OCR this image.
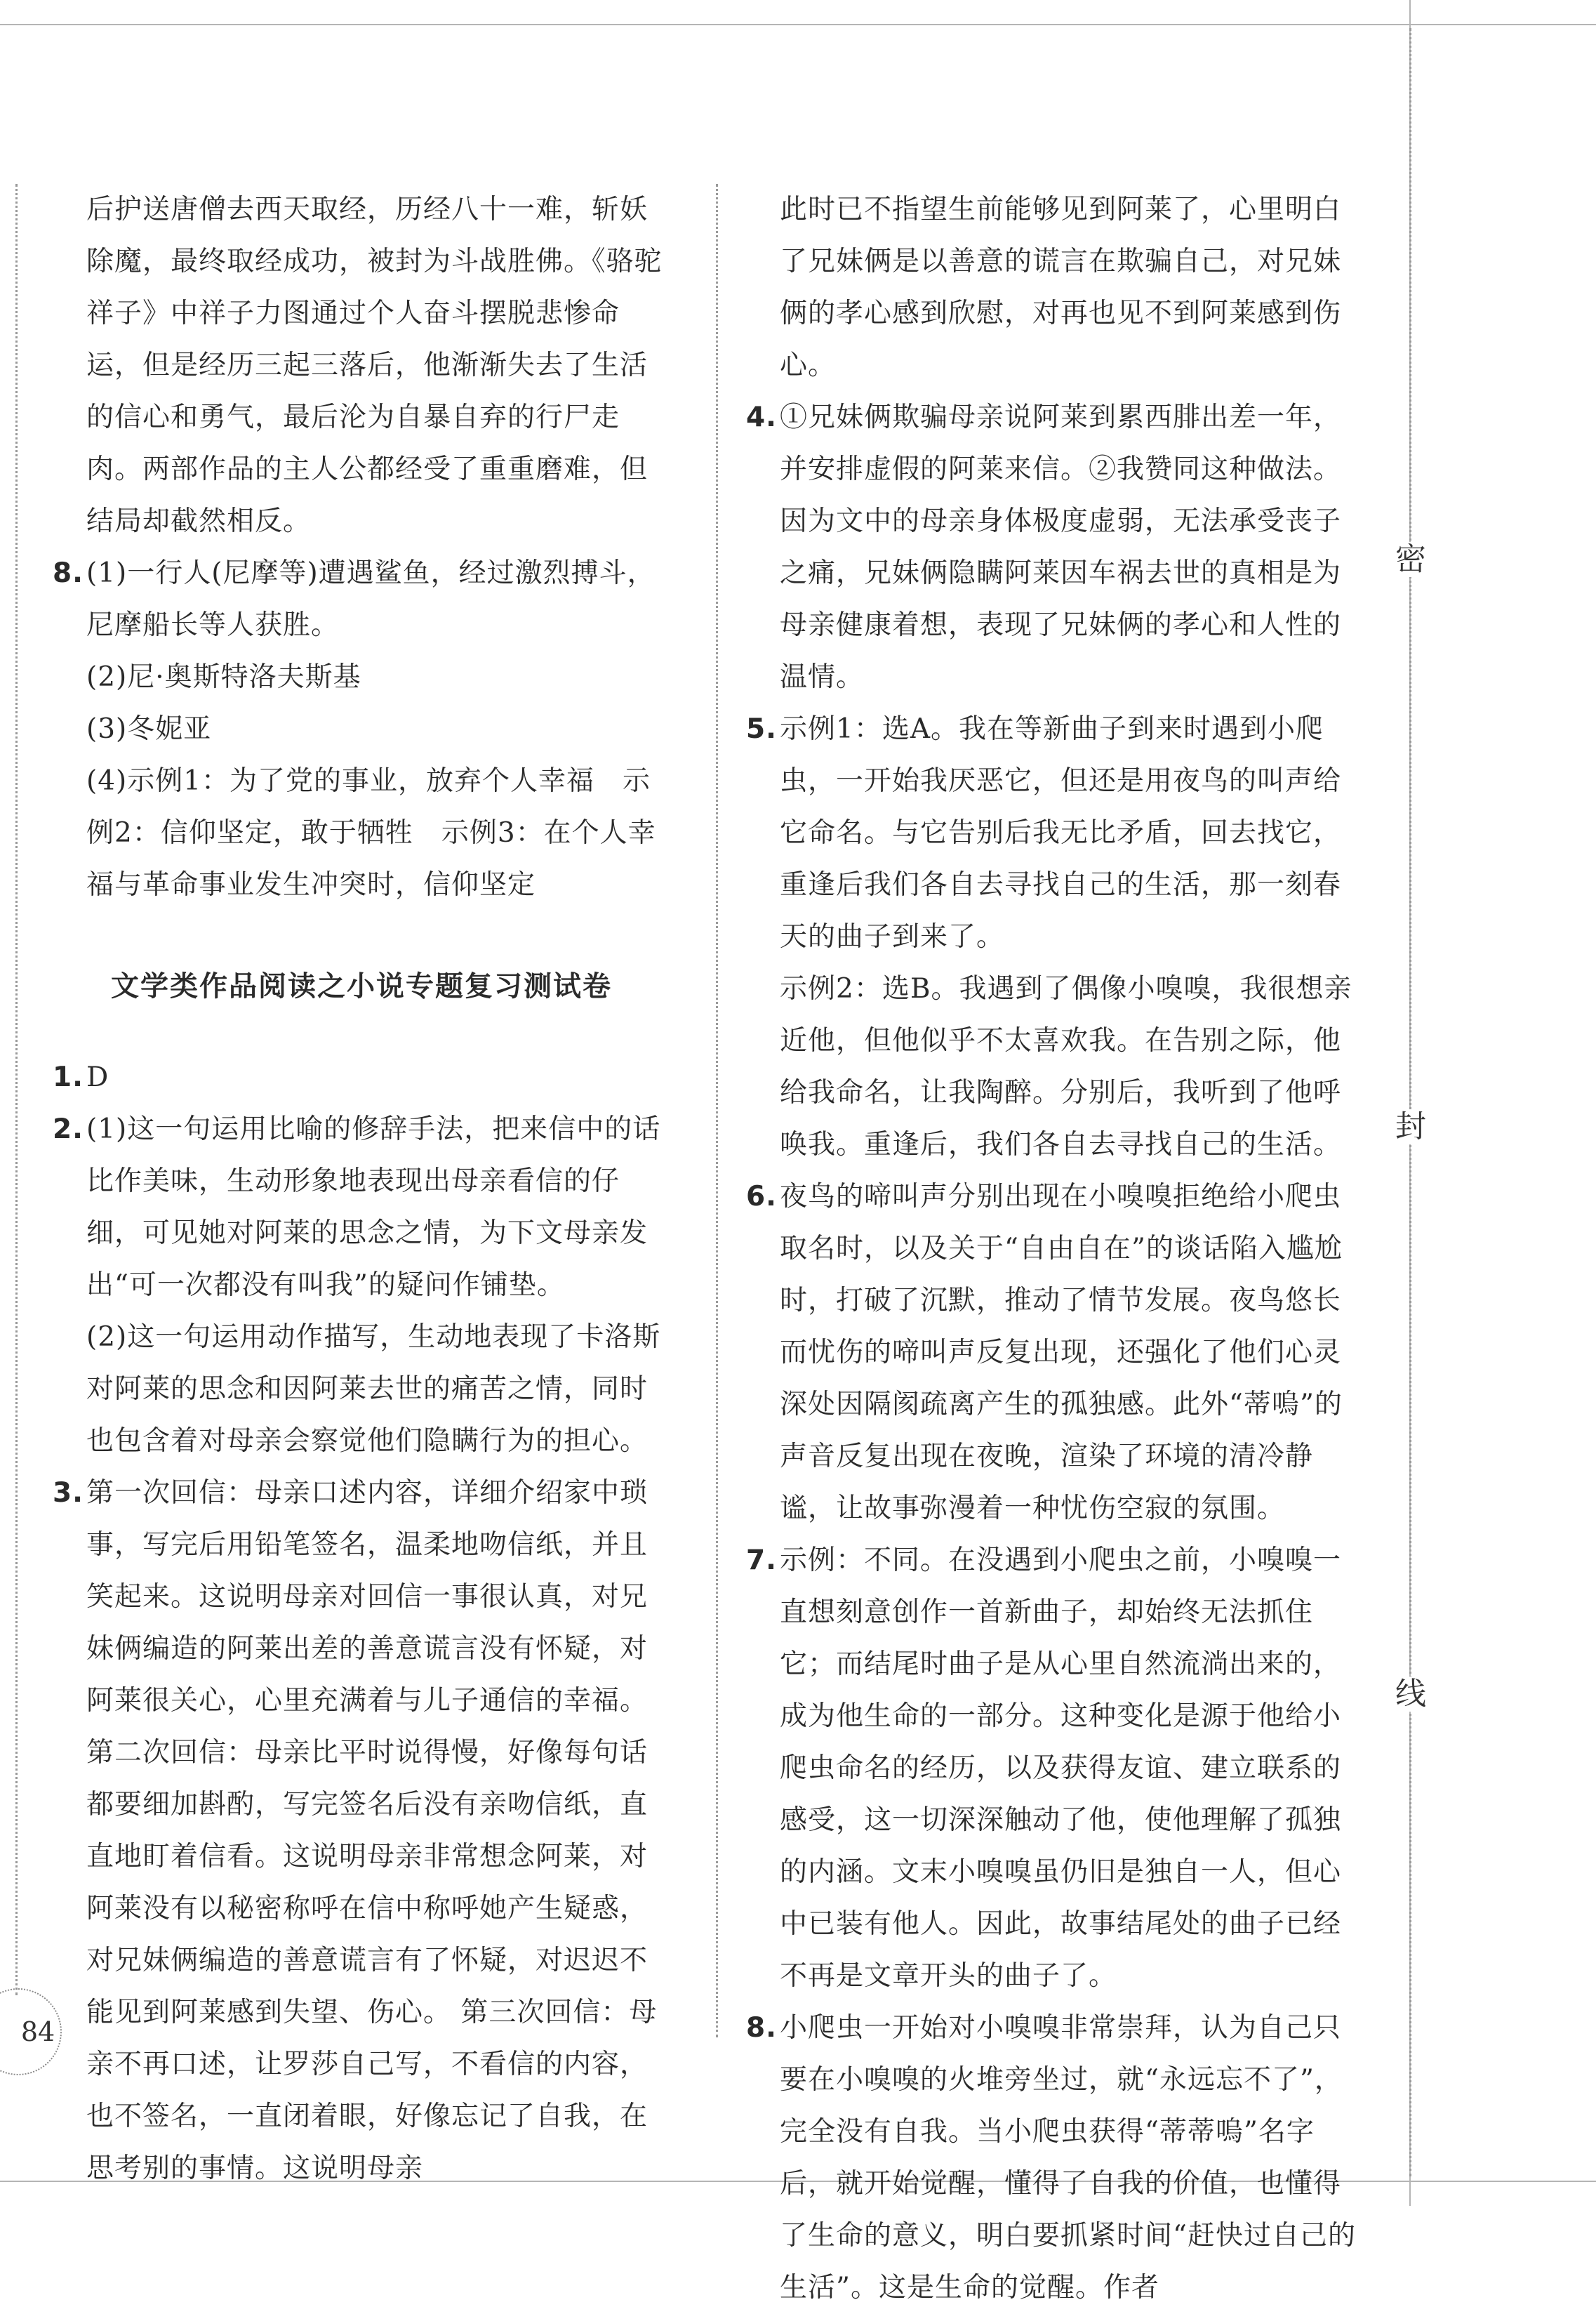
密
封
线
84

后护送唐僧去西天取经，历经八十一难，斩妖除魔，最终取经成功，被封为斗战胜佛。《骆驼祥子》中祥子力图通过个人奋斗摆脱悲惨命运，但是经历三起三落后，他渐渐失去了生活的信心和勇气，最后沦为自暴自弃的行尸走肉。两部作品的主人公都经受了重重磨难，但结局却截然相反。

8. (1)一行人(尼摩等)遭遇鲨鱼，经过激烈搏斗，尼摩船长等人获胜。

(2)尼·奥斯特洛夫斯基

(3)冬妮亚

(4)示例1：为了党的事业，放弃个人幸福　示例2：信仰坚定，敢于牺牲　示例3：在个人幸福与革命事业发生冲突时，信仰坚定

文学类作品阅读之小说专题复习测试卷
1. D
2. (1)这一句运用比喻的修辞手法，把来信中的话比作美味，生动形象地表现出母亲看信的仔细，可见她对阿莱的思念之情，为下文母亲发出“可一次都没有叫我”的疑问作铺垫。

(2)这一句运用动作描写，生动地表现了卡洛斯对阿莱的思念和因阿莱去世的痛苦之情，同时也包含着对母亲会察觉他们隐瞒行为的担心。

3. 第一次回信：母亲口述内容，详细介绍家中琐事，写完后用铅笔签名，温柔地吻信纸，并且笑起来。这说明母亲对回信一事很认真，对兄妹俩编造的阿莱出差的善意谎言没有怀疑，对阿莱很关心，心里充满着与儿子通信的幸福。 第二次回信：母亲比平时说得慢，好像每句话都要细加斟酌，写完签名后没有亲吻信纸，直直地盯着信看。这说明母亲非常想念阿莱，对阿莱没有以秘密称呼在信中称呼她产生疑惑，对兄妹俩编造的善意谎言有了怀疑，对迟迟不能见到阿莱感到失望、伤心。 第三次回信：母亲不再口述，让罗莎自己写，不看信的内容，也不签名，一直闭着眼，好像忘记了自我，在思考别的事情。这说明母亲

此时已不指望生前能够见到阿莱了，心里明白了兄妹俩是以善意的谎言在欺骗自己，对兄妹俩的孝心感到欣慰，对再也见不到阿莱感到伤心。

4. ①兄妹俩欺骗母亲说阿莱到累西腓出差一年，并安排虚假的阿莱来信。②我赞同这种做法。因为文中的母亲身体极度虚弱，无法承受丧子之痛，兄妹俩隐瞒阿莱因车祸去世的真相是为母亲健康着想，表现了兄妹俩的孝心和人性的温情。
5. 示例1：选A。我在等新曲子到来时遇到小爬虫，一开始我厌恶它，但还是用夜鸟的叫声给它命名。与它告别后我无比矛盾，回去找它，重逢后我们各自去寻找自己的生活，那一刻春天的曲子到来了。

示例2：选B。我遇到了偶像小嗅嗅，我很想亲近他，但他似乎不太喜欢我。在告别之际，他给我命名，让我陶醉。分别后，我听到了他呼唤我。重逢后，我们各自去寻找自己的生活。

6. 夜鸟的啼叫声分别出现在小嗅嗅拒绝给小爬虫取名时，以及关于“自由自在”的谈话陷入尴尬时，打破了沉默，推动了情节发展。夜鸟悠长而忧伤的啼叫声反复出现，还强化了他们心灵深处因隔阂疏离产生的孤独感。此外“蒂嗚”的声音反复出现在夜晚，渲染了环境的清冷静谧，让故事弥漫着一种忧伤空寂的氛围。
7. 示例：不同。在没遇到小爬虫之前，小嗅嗅一直想刻意创作一首新曲子，却始终无法抓住它；而结尾时曲子是从心里自然流淌出来的，成为他生命的一部分。这种变化是源于他给小爬虫命名的经历，以及获得友谊、建立联系的感受，这一切深深触动了他，使他理解了孤独的内涵。文末小嗅嗅虽仍旧是独自一人，但心中已装有他人。因此，故事结尾处的曲子已经不再是文章开头的曲子了。
8. 小爬虫一开始对小嗅嗅非常崇拜，认为自己只要在小嗅嗅的火堆旁坐过，就“永远忘不了”，完全没有自我。当小爬虫获得“蒂蒂嗚”名字后，就开始觉醒，懂得了自我的价值，也懂得了生命的意义，明白要抓紧时间“赶快过自己的生活”。这是生命的觉醒。作者
